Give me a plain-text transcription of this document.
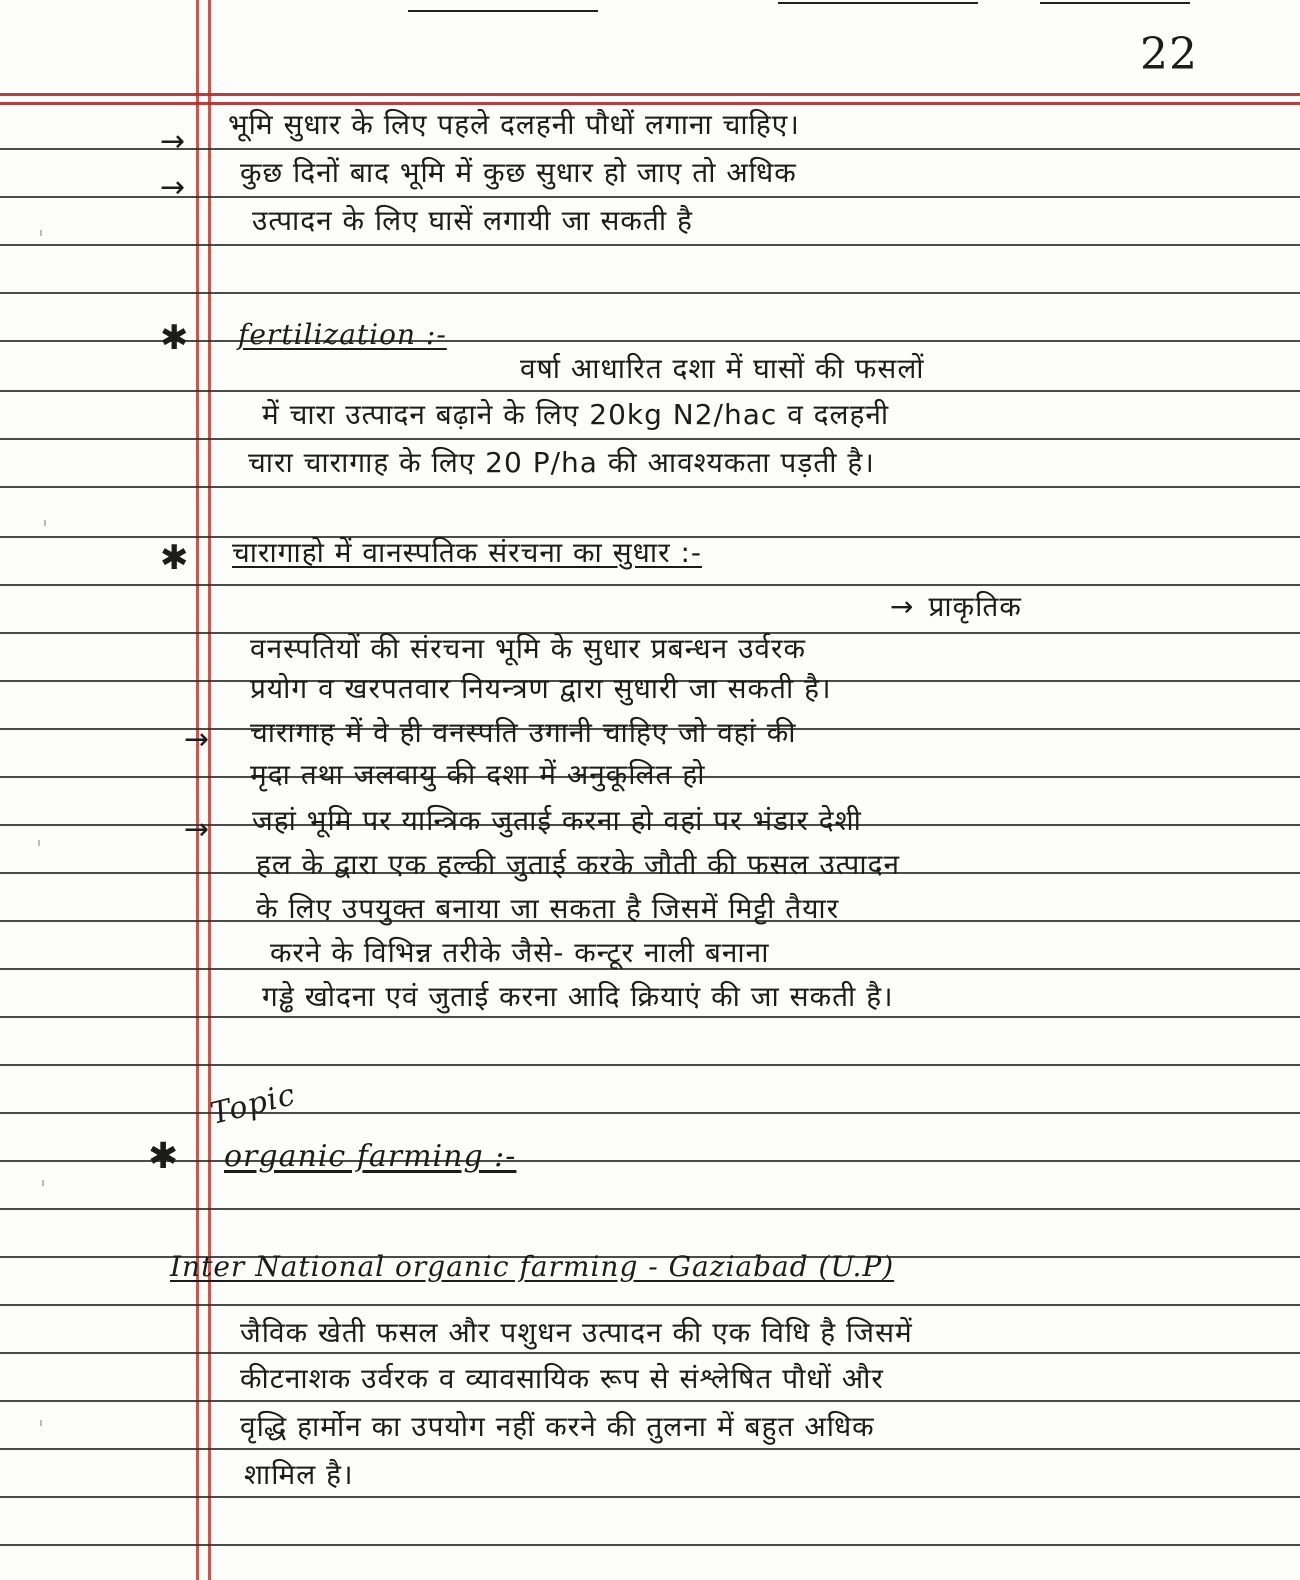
22
→
→
भूमि सुधार के लिए पहले दलहनी पौधों लगाना चाहिए।
कुछ दिनों बाद भूमि में कुछ सुधार हो जाए तो अधिक
उत्पादन के लिए घासें लगायी जा सकती है
✱ fertilization :-
वर्षा आधारित दशा में घासों की फसलों
में चारा उत्पादन बढ़ाने के लिए 20kg N2/hac व दलहनी
चारा चारागाह के लिए 20 P/ha की आवश्यकता पड़ती है।
✱ चारागाहो में वानस्पतिक संरचना का सुधार :-
→ प्राकृतिक
वनस्पतियों की संरचना भूमि के सुधार प्रबन्धन उर्वरक
प्रयोग व खरपतवार नियन्त्रण द्वारा सुधारी जा सकती है।
→ चारागाह में वे ही वनस्पति उगानी चाहिए जो वहां की
मृदा तथा जलवायु की दशा में अनुकूलित हो
→ जहां भूमि पर यान्त्रिक जुताई करना हो वहां पर भंडार देशी
हल के द्वारा एक हल्की जुताई करके जौती की फसल उत्पादन
के लिए उपयुक्त बनाया जा सकता है जिसमें मिट्टी तैयार
करने के विभिन्न तरीके जैसे- कन्टूर नाली बनाना
गड्ढे खोदना एवं जुताई करना आदि क्रियाएं की जा सकती है।
Topic
✱ organic farming :-
Inter National organic farming - Gaziabad (U.P)
जैविक खेती फसल और पशुधन उत्पादन की एक विधि है जिसमें
कीटनाशक उर्वरक व व्यावसायिक रूप से संश्लेषित पौधों और
वृद्धि हार्मोन का उपयोग नहीं करने की तुलना में बहुत अधिक
शामिल है।
